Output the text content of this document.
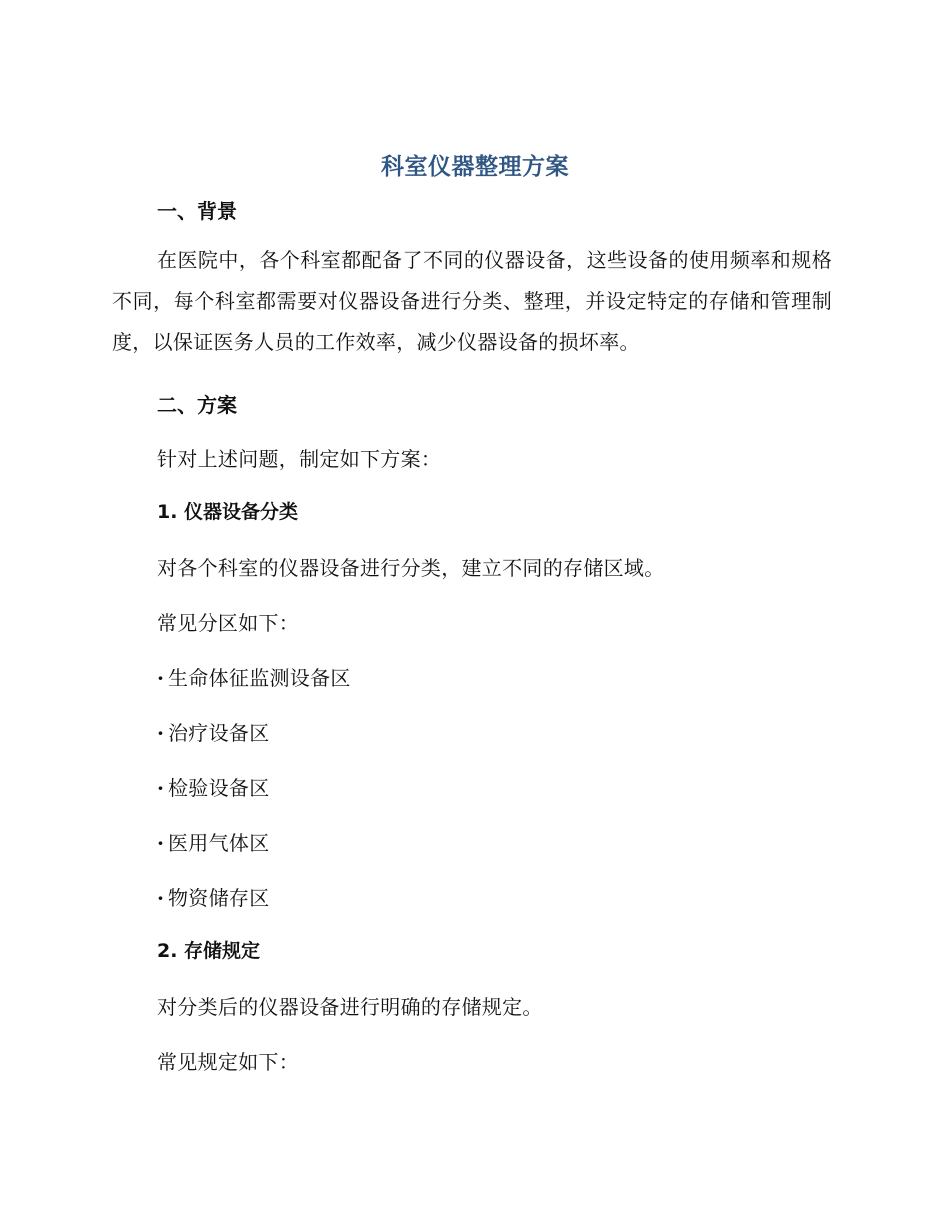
科室仪器整理方案
一、背景
在医院中，各个科室都配备了不同的仪器设备，这些设备的使用频率和规格不同，每个科室都需要对仪器设备进行分类、整理，并设定特定的存储和管理制度，以保证医务人员的工作效率，减少仪器设备的损坏率。
二、方案
针对上述问题，制定如下方案：
1. 仪器设备分类
对各个科室的仪器设备进行分类，建立不同的存储区域。
常见分区如下：
· 生命体征监测设备区
· 治疗设备区
· 检验设备区
· 医用气体区
· 物资储存区
2. 存储规定
对分类后的仪器设备进行明确的存储规定。
常见规定如下：
